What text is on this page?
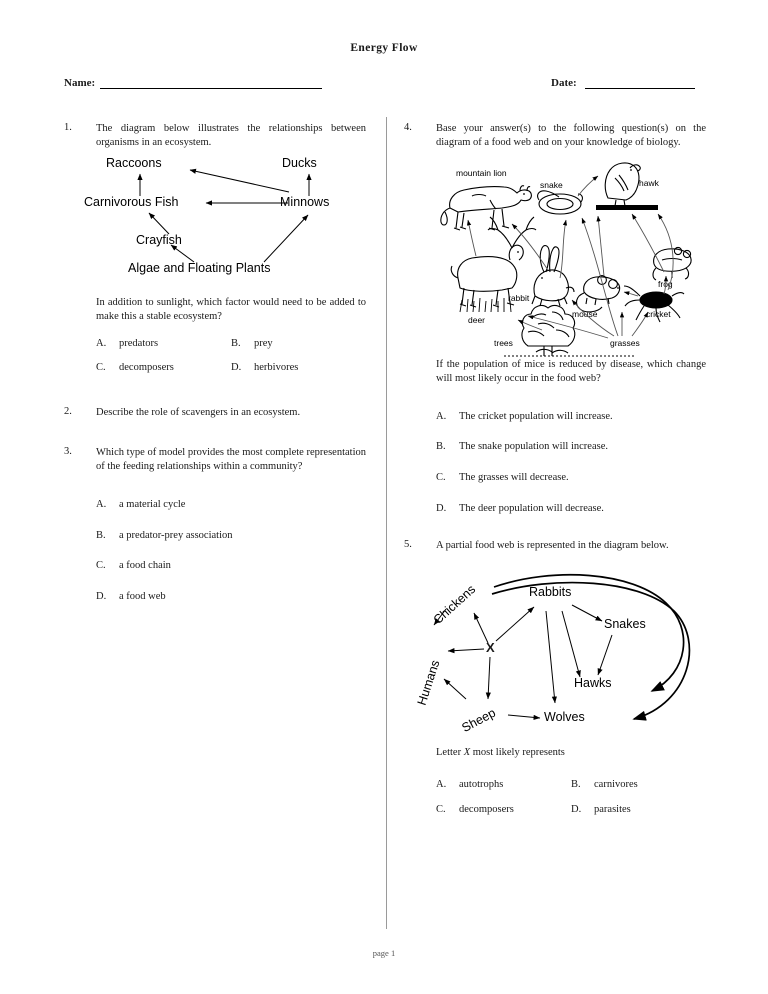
Energy Flow
Name:	Date:
1.	The diagram below illustrates the relationships between organisms in an ecosystem.
Raccoons	Ducks
Carnivorous Fish	Minnows
Crayfish
Algae and Floating Plants
In addition to sunlight, which factor would need to be added to make this a stable ecosystem?
A.	predators	B.	prey
C.	decomposers	D.	herbivores
2.	Describe the role of scavengers in an ecosystem.
3.	Which type of model provides the most complete representation of the feeding relationships within a community?
A.	a material cycle
B.	a predator-prey association
C.	a food chain
D.	a food web
4.	Base your answer(s) to the following question(s) on the diagram of a food web and on your knowledge of biology.
mountain lion
snake	hawk
deer
rabbit
mouse
frog
cricket
trees	grasses
If the population of mice is reduced by disease, which change will most likely occur in the food web?
A.	The cricket population will increase.
B.	The snake population will increase.
C.	The grasses will decrease.
D.	The deer population will decrease.
5.	A partial food web is represented in the diagram below.
Chickens	Rabbits
Snakes
Humans
X
Hawks
Sheep	Wolves
Letter X most likely represents
A.	autotrophs	B.	carnivores
C.	decomposers	D.	parasites
page 1
